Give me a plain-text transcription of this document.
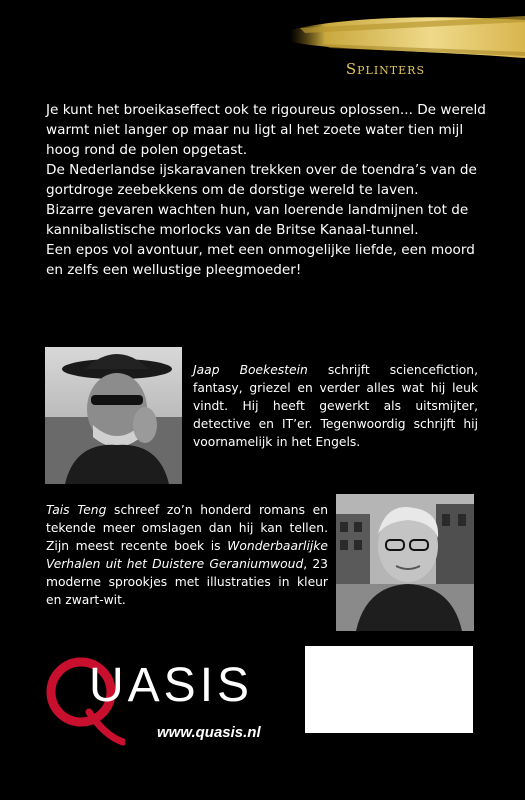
Splinters

Je kunt het broeikaseffect ook te rigoureus oplossen... De wereld warmt niet langer op maar nu ligt al het zoete water tien mijl hoog rond de polen opgetast.

De Nederlandse ijskaravanen trekken over de toendra’s van de gortdroge zeebekkens om de dorstige wereld te laven.

Bizarre gevaren wachten hun, van loerende landmijnen tot de kannibalistische morlocks van de Britse Kanaal-tunnel.

Een epos vol avontuur, met een onmogelijke liefde, een moord en zelfs een wellustige pleegmoeder!

Jaap Boekestein schrijft sciencefiction, fantasy, griezel en verder alles wat hij leuk vindt. Hij heeft gewerkt als uitsmijter, detective en IT’er. Tegenwoordig schrijft hij voornamelijk in het Engels.

Tais Teng schreef zo’n honderd romans en tekende meer omslagen dan hij kan tellen. Zijn meest recente boek is Wonderbaarlijke Verhalen uit het Duistere Geraniumwoud, 23 moderne sprookjes met illustraties in kleur en zwart-wit.

UASIS
www.quasis.nl
